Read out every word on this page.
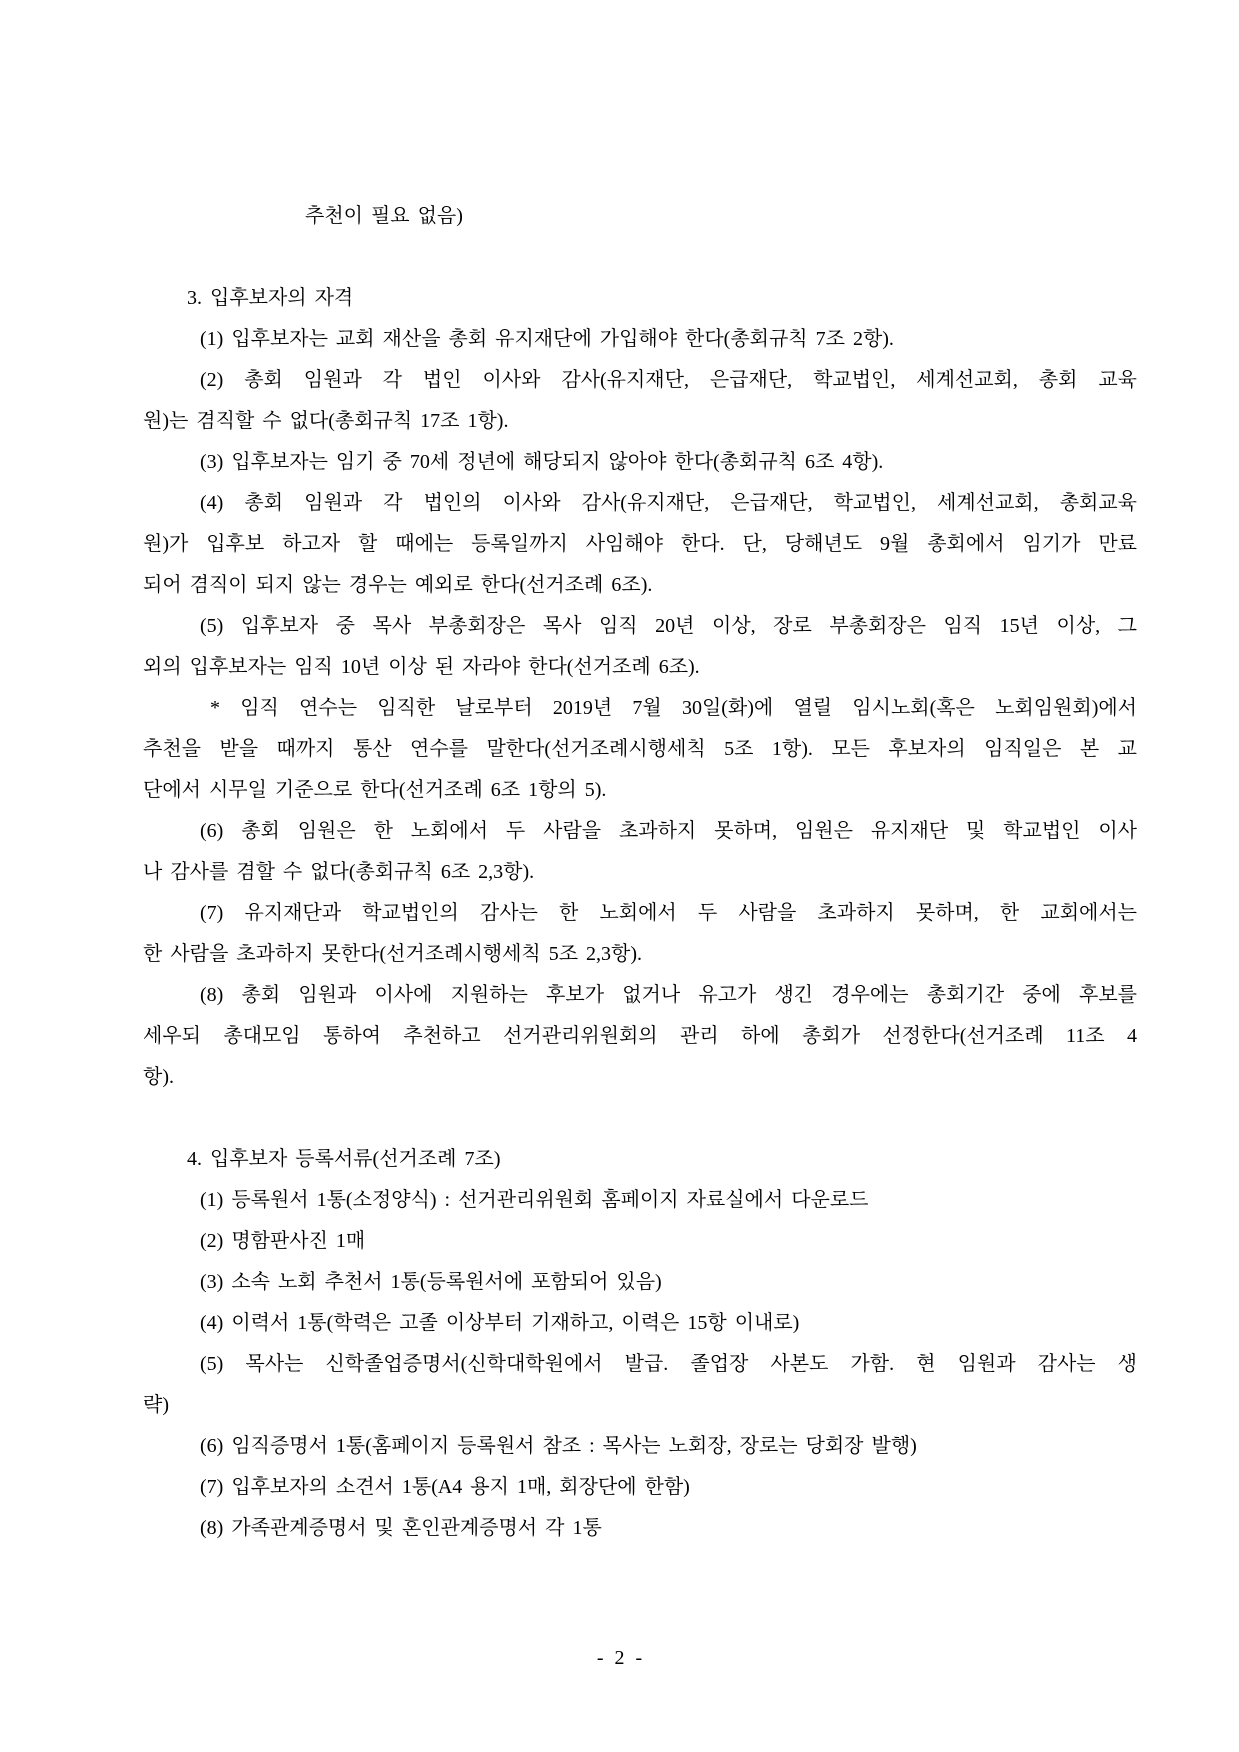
추천이 필요 없음)
3. 입후보자의 자격
(1) 입후보자는 교회 재산을 총회 유지재단에 가입해야 한다(총회규칙 7조 2항).
(2) 총회 임원과 각 법인 이사와 감사(유지재단, 은급재단, 학교법인, 세계선교회, 총회 교육
원)는 겸직할 수 없다(총회규칙 17조 1항).
(3) 입후보자는 임기 중 70세 정년에 해당되지 않아야 한다(총회규칙 6조 4항).
(4) 총회 임원과 각 법인의 이사와 감사(유지재단, 은급재단, 학교법인, 세계선교회, 총회교육
원)가 입후보 하고자 할 때에는 등록일까지 사임해야 한다. 단, 당해년도 9월 총회에서 임기가 만료
되어 겸직이 되지 않는 경우는 예외로 한다(선거조례 6조).
(5) 입후보자 중 목사 부총회장은 목사 임직 20년 이상, 장로 부총회장은 임직 15년 이상, 그
외의 입후보자는 임직 10년 이상 된 자라야 한다(선거조례 6조).
* 임직 연수는 임직한 날로부터 2019년 7월 30일(화)에 열릴 임시노회(혹은 노회임원회)에서
추천을 받을 때까지 통산 연수를 말한다(선거조례시행세칙 5조 1항). 모든 후보자의 임직일은 본 교
단에서 시무일 기준으로 한다(선거조례 6조 1항의 5).
(6) 총회 임원은 한 노회에서 두 사람을 초과하지 못하며, 임원은 유지재단 및 학교법인 이사
나 감사를 겸할 수 없다(총회규칙 6조 2,3항).
(7) 유지재단과 학교법인의 감사는 한 노회에서 두 사람을 초과하지 못하며, 한 교회에서는
한 사람을 초과하지 못한다(선거조례시행세칙 5조 2,3항).
(8) 총회 임원과 이사에 지원하는 후보가 없거나 유고가 생긴 경우에는 총회기간 중에 후보를
세우되 총대모임 통하여 추천하고 선거관리위원회의 관리 하에 총회가 선정한다(선거조례 11조 4
항).
4. 입후보자 등록서류(선거조례 7조)
(1) 등록원서 1통(소정양식) : 선거관리위원회 홈페이지 자료실에서 다운로드
(2) 명함판사진 1매
(3) 소속 노회 추천서 1통(등록원서에 포함되어 있음)
(4) 이력서 1통(학력은 고졸 이상부터 기재하고, 이력은 15항 이내로)
(5) 목사는 신학졸업증명서(신학대학원에서 발급. 졸업장 사본도 가함. 현 임원과 감사는 생
략)
(6) 임직증명서 1통(홈페이지 등록원서 참조 : 목사는 노회장, 장로는 당회장 발행)
(7) 입후보자의 소견서 1통(A4 용지 1매, 회장단에 한함)
(8) 가족관계증명서 및 혼인관계증명서 각 1통
- 2 -
